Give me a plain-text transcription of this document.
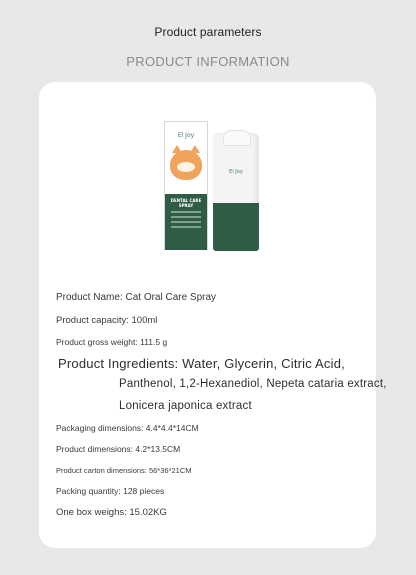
Product parameters
PRODUCT INFORMATION
El Joy
DENTAL CARE SPRAY
El Joy
Product Name: Cat Oral Care Spray
Product capacity: 100ml
Product gross weight: 111.5 g
Product Ingredients: Water, Glycerin, Citric Acid,
Panthenol, 1,2-Hexanediol, Nepeta cataria extract,
Lonicera japonica extract
Packaging dimensions: 4.4*4.4*14CM
Product dimensions: 4.2*13.5CM
Product carton dimensions: 56*36*21CM
Packing quantity: 128 pieces
One box weighs: 15.02KG
